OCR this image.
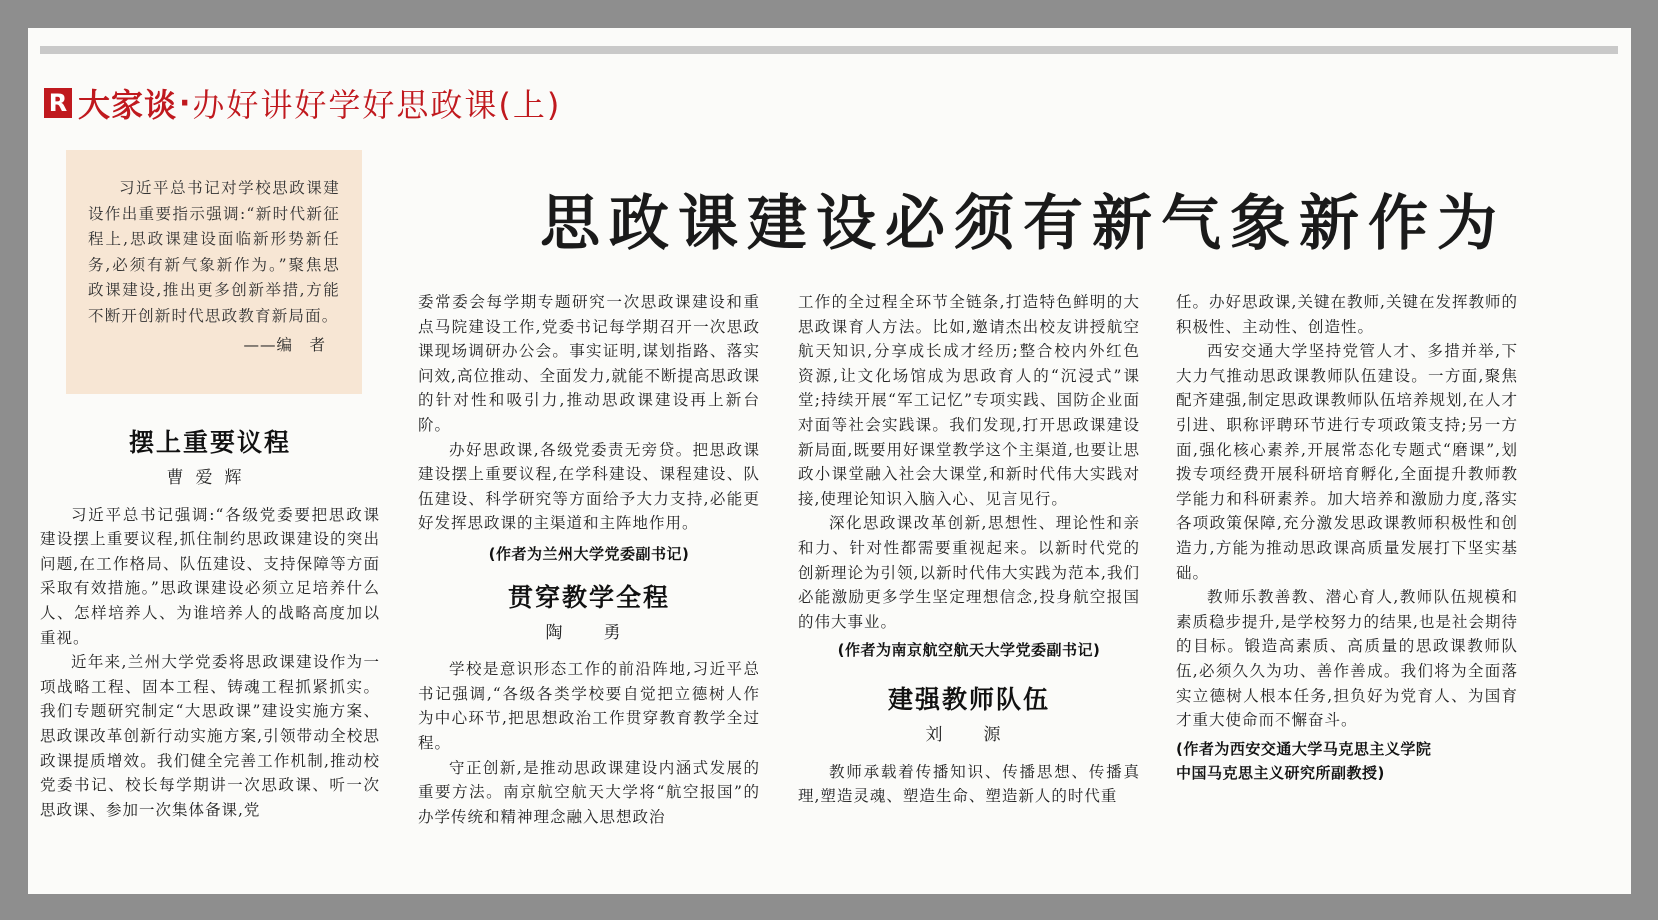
R 大家谈 · 办好讲好学好思政课(上)
习近平总书记对学校思政课建设作出重要指示强调:“新时代新征程上,思政课建设面临新形势新任务,必须有新气象新作为。”聚焦思政课建设,推出更多创新举措,方能不断开创新时代思政教育新局面。
——编　者
思政课建设必须有新气象新作为
摆上重要议程
曹爱辉

习近平总书记强调:“各级党委要把思政课建设摆上重要议程,抓住制约思政课建设的突出问题,在工作格局、队伍建设、支持保障等方面采取有效措施。”思政课建设必须立足培养什么人、怎样培养人、为谁培养人的战略高度加以重视。

近年来,兰州大学党委将思政课建设作为一项战略工程、固本工程、铸魂工程抓紧抓实。我们专题研究制定“大思政课”建设实施方案、思政课改革创新行动实施方案,引领带动全校思政课提质增效。我们健全完善工作机制,推动校党委书记、校长每学期讲一次思政课、听一次思政课、参加一次集体备课,党

委常委会每学期专题研究一次思政课建设和重点马院建设工作,党委书记每学期召开一次思政课现场调研办公会。事实证明,谋划指路、落实问效,高位推动、全面发力,就能不断提高思政课的针对性和吸引力,推动思政课建设再上新台阶。

办好思政课,各级党委责无旁贷。把思政课建设摆上重要议程,在学科建设、课程建设、队伍建设、科学研究等方面给予大力支持,必能更好发挥思政课的主渠道和主阵地作用。

(作者为兰州大学党委副书记)

贯穿教学全程
陶　勇

学校是意识形态工作的前沿阵地,习近平总书记强调,“各级各类学校要自觉把立德树人作为中心环节,把思想政治工作贯穿教育教学全过程。

守正创新,是推动思政课建设内涵式发展的重要方法。南京航空航天大学将“航空报国”的办学传统和精神理念融入思想政治

工作的全过程全环节全链条,打造特色鲜明的大思政课育人方法。比如,邀请杰出校友讲授航空航天知识,分享成长成才经历;整合校内外红色资源,让文化场馆成为思政育人的“沉浸式”课堂;持续开展“军工记忆”专项实践、国防企业面对面等社会实践课。我们发现,打开思政课建设新局面,既要用好课堂教学这个主渠道,也要让思政小课堂融入社会大课堂,和新时代伟大实践对接,使理论知识入脑入心、见言见行。

深化思政课改革创新,思想性、理论性和亲和力、针对性都需要重视起来。以新时代党的创新理论为引领,以新时代伟大实践为范本,我们必能激励更多学生坚定理想信念,投身航空报国的伟大事业。

(作者为南京航空航天大学党委副书记)

建强教师队伍
刘　源

教师承载着传播知识、传播思想、传播真理,塑造灵魂、塑造生命、塑造新人的时代重

任。办好思政课,关键在教师,关键在发挥教师的积极性、主动性、创造性。

西安交通大学坚持党管人才、多措并举,下大力气推动思政课教师队伍建设。一方面,聚焦配齐建强,制定思政课教师队伍培养规划,在人才引进、职称评聘环节进行专项政策支持;另一方面,强化核心素养,开展常态化专题式“磨课”,划拨专项经费开展科研培育孵化,全面提升教师教学能力和科研素养。加大培养和激励力度,落实各项政策保障,充分激发思政课教师积极性和创造力,方能为推动思政课高质量发展打下坚实基础。

教师乐教善教、潜心育人,教师队伍规模和素质稳步提升,是学校努力的结果,也是社会期待的目标。锻造高素质、高质量的思政课教师队伍,必须久久为功、善作善成。我们将为全面落实立德树人根本任务,担负好为党育人、为国育才重大使命而不懈奋斗。

(作者为西安交通大学马克思主义学院

中国马克思主义研究所副教授)
